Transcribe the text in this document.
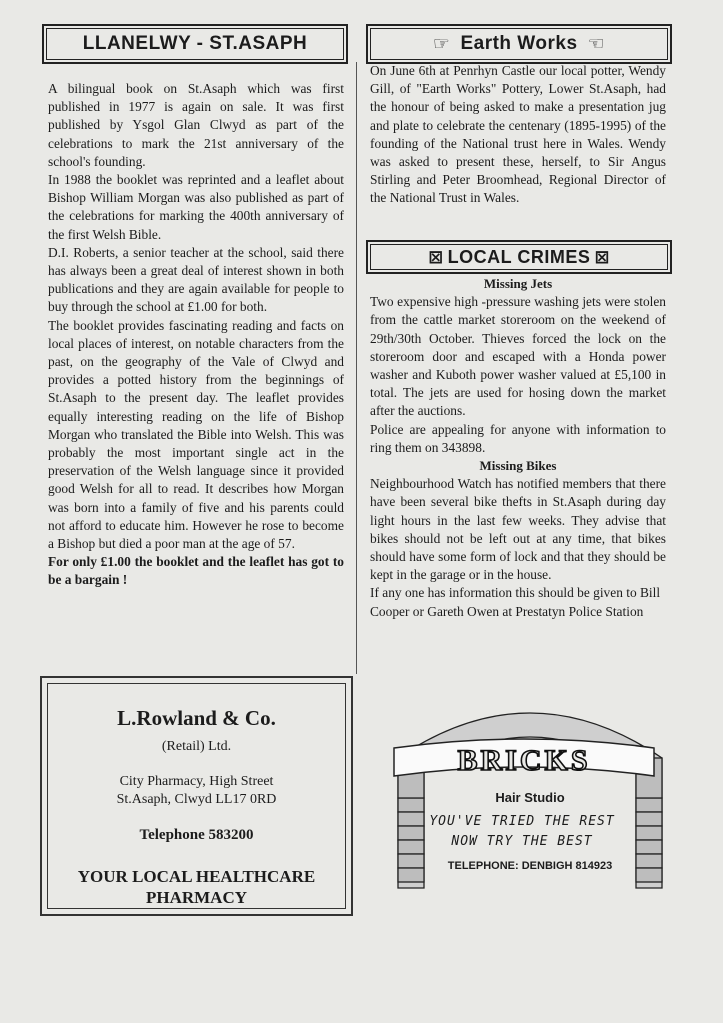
LLANELWY - ST.ASAPH

A bilingual book on St.Asaph which was first published in 1977 is again on sale. It was first published by Ysgol Glan Clwyd as part of the celebrations to mark the 21st anniversary of the school's founding.

In 1988 the booklet was reprinted and a leaflet about Bishop William Morgan was also published as part of the celebrations for marking the 400th anniversary of the first Welsh Bible.

D.I. Roberts, a senior teacher at the school, said there has always been a great deal of interest shown in both publications and they are again available for people to buy through the school at £1.00 for both.

The booklet provides fascinating reading and facts on local places of interest, on notable characters from the past, on the geography of the Vale of Clwyd and provides a potted history from the beginnings of St.Asaph to the present day. The leaflet provides equally interesting reading on the life of Bishop Morgan who translated the Bible into Welsh. This was probably the most important single act in the preservation of the Welsh language since it provided good Welsh for all to read. It describes how Morgan was born into a family of five and his parents could not afford to educate him. However he rose to become a Bishop but died a poor man at the age of 57.

For only £1.00 the booklet and the leaflet has got to be a bargain !

☞ Earth Works ☜

On June 6th at Penrhyn Castle our local potter, Wendy Gill, of "Earth Works" Pottery, Lower St.Asaph, had the honour of being asked to make a presentation jug and plate to celebrate the centenary (1895-1995) of the founding of the National trust here in Wales. Wendy was asked to present these, herself, to Sir Angus Stirling and Peter Broomhead, Regional Director of the National Trust in Wales.

⊠ LOCAL CRIMES ⊠

Missing Jets

Two expensive high -pressure washing jets were stolen from the cattle market storeroom on the weekend of 29th/30th October. Thieves forced the lock on the storeroom door and escaped with a Honda power washer and Kuboth power washer valued at £5,100 in total. The jets are used for hosing down the market after the auctions.

Police are appealing for anyone with information to ring them on 343898.

Missing Bikes

Neighbourhood Watch has notified members that there have been several bike thefts in St.Asaph during day light hours in the last few weeks. They advise that bikes should not be left out at any time, that bikes should have some form of lock and that they should be kept in the garage or in the house.

If any one has information this should be given to Bill Cooper or Gareth Owen at Prestatyn Police Station

L.Rowland & Co.
(Retail) Ltd.
City Pharmacy, High Street
St.Asaph, Clwyd LL17 0RD
Telephone 583200
YOUR LOCAL HEALTHCARE PHARMACY
BRICKS
Hair Studio
YOU'VE TRIED THE REST
NOW TRY THE BEST
TELEPHONE: DENBIGH 814923
